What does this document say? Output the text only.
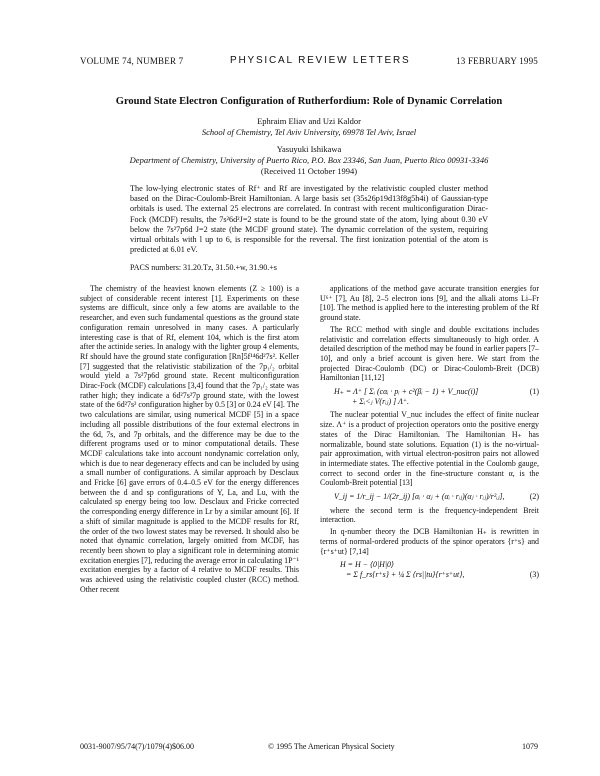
VOLUME 74, NUMBER 7	PHYSICAL REVIEW LETTERS	13 FEBRUARY 1995
Ground State Electron Configuration of Rutherfordium: Role of Dynamic Correlation
Ephraim Eliav and Uzi Kaldor
School of Chemistry, Tel Aviv University, 69978 Tel Aviv, Israel
Yasuyuki Ishikawa
Department of Chemistry, University of Puerto Rico, P.O. Box 23346, San Juan, Puerto Rico 00931-3346
(Received 11 October 1994)
The low-lying electronic states of Rf⁺ and Rf are investigated by the relativistic coupled cluster method based on the Dirac-Coulomb-Breit Hamiltonian. A large basis set (35s26p19d13f8g5h4i) of Gaussian-type orbitals is used. The external 25 electrons are correlated. In contrast with recent multiconfiguration Dirac-Fock (MCDF) results, the 7s²6d²J=2 state is found to be the ground state of the atom, lying about 0.30 eV below the 7s²7p6d J=2 state (the MCDF ground state). The dynamic correlation of the system, requiring virtual orbitals with l up to 6, is responsible for the reversal. The first ionization potential of the atom is predicted at 6.01 eV.
PACS numbers: 31.20.Tz, 31.50.+w, 31.90.+s

The chemistry of the heaviest known elements (Z ≥ 100) is a subject of considerable recent interest [1]. Experiments on these systems are difficult, since only a few atoms are available to the researcher, and even such fundamental questions as the ground state configuration remain unresolved in many cases. A particularly interesting case is that of Rf, element 104, which is the first atom after the actinide series. In analogy with the lighter group 4 elements, Rf should have the ground state configuration [Rn]5f¹⁴6d²7s². Keller [7] suggested that the relativistic stabilization of the 7p₁/₂ orbital would yield a 7s²7p6d ground state. Recent multiconfiguration Dirac-Fock (MCDF) calculations [3,4] found that the 7p₁/₂ state was rather high; they indicate a 6d²7s²7p ground state, with the lowest state of the 6d²7s² configuration higher by 0.5 [3] or 0.24 eV [4]. The two calculations are similar, using numerical MCDF [5] in a space including all possible distributions of the four external electrons in the 6d, 7s, and 7p orbitals, and the difference may be due to the different programs used or to minor computational details. These MCDF calculations take into account nondynamic correlation only, which is due to near degeneracy effects and can be included by using a small number of configurations. A similar approach by Desclaux and Fricke [6] gave errors of 0.4–0.5 eV for the energy differences between the d and sp configurations of Y, La, and Lu, with the calculated sp energy being too low. Desclaux and Fricke corrected the corresponding energy difference in Lr by a similar amount [6]. If a shift of similar magnitude is applied to the MCDF results for Rf, the order of the two lowest states may be reversed. It should also be noted that dynamic correlation, largely omitted from MCDF, has recently been shown to play a significant role in determining atomic excitation energies [7], reducing the average error in calculating 1P⁻¹ excitation energies by a factor of 4 relative to MCDF results. This was achieved using the relativistic coupled cluster (RCC) method. Other recent

applications of the method gave accurate transition energies for U⁶⁺ [7], Au [8], 2–5 electron ions [9], and the alkali atoms Li–Fr [10]. The method is applied here to the interesting problem of the Rf ground state.

The RCC method with single and double excitations includes relativistic and correlation effects simultaneously to high order. A detailed description of the method may be found in earlier papers [7–10], and only a brief account is given here. We start from the projected Dirac-Coulomb (DC) or Dirac-Coulomb-Breit (DCB) Hamiltonian [11,12]

H₊ = Λ⁺ [ Σᵢ (cαᵢ · pᵢ + c²(βᵢ − 1) + V_nuc(i)]
+ Σᵢ<ⱼ V(rᵢⱼ) ] Λ⁺.
(1)

The nuclear potential V_nuc includes the effect of finite nuclear size. Λ⁺ is a product of projection operators onto the positive energy states of the Dirac Hamiltonian. The Hamiltonian H₊ has normalizable, bound state solutions. Equation (1) is the no-virtual-pair approximation, with virtual electron-positron pairs not allowed in intermediate states. The effective potential in the Coulomb gauge, correct to second order in the fine-structure constant α, is the Coulomb-Breit potential [13]

V_ij = 1/r_ij − 1/(2r_ij) [αᵢ · αⱼ + (αᵢ · rᵢⱼ)(αⱼ · rᵢⱼ)/r²ᵢⱼ],	(2)

where the second term is the frequency-independent Breit interaction.

In q-number theory the DCB Hamiltonian H₊ is rewritten in terms of normal-ordered products of the spinor operators {r⁺s} and {r⁺s⁺ut} [7,14]

H = H − ⟨0|H|0⟩
= Σ f_rs{r⁺s} + ¼ Σ ⟨rs||tu⟩{r⁺s⁺ut},	(3)
0031-9007/95/74(7)/1079(4)$06.00	© 1995 The American Physical Society	1079
